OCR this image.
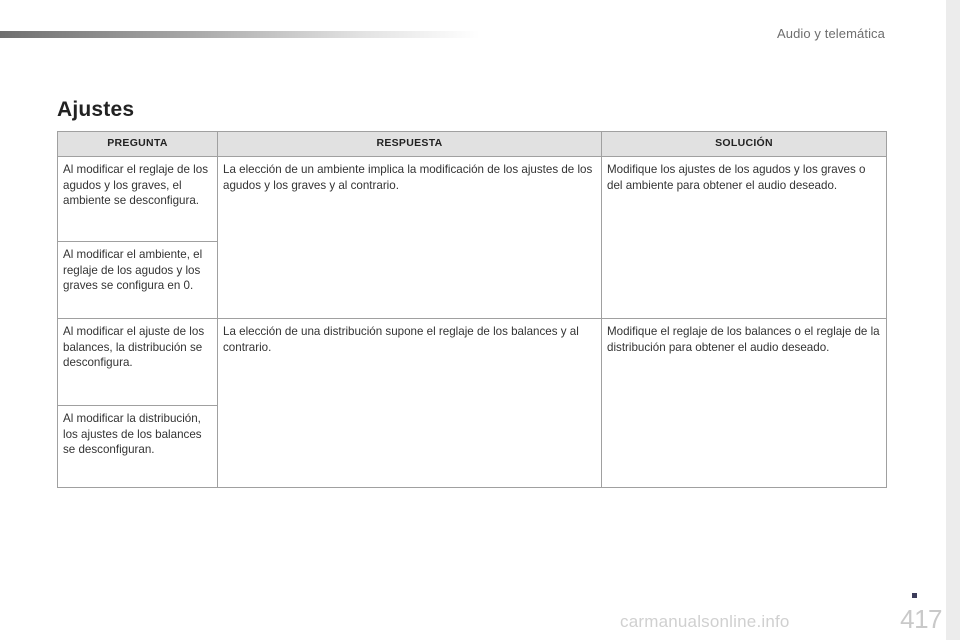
Audio y telemática
Ajustes
PREGUNTA	RESPUESTA	SOLUCIÓN
Al modificar el reglaje de los agudos y los graves, el ambiente se desconfigura.	La elección de un ambiente implica la modificación de los ajustes de los agudos y los graves y al contrario.	Modifique los ajustes de los agudos y los graves o del ambiente para obtener el audio deseado.
Al modificar el ambiente, el reglaje de los agudos y los graves se configura en 0.		
Al modificar el ajuste de los balances, la distribución se desconfigura.	La elección de una distribución supone el reglaje de los balances y al contrario.	Modifique el reglaje de los balances o el reglaje de la distribución para obtener el audio deseado.
Al modificar la distribución, los ajustes de los balances se desconfiguran.		
417
carmanualsonline.info
